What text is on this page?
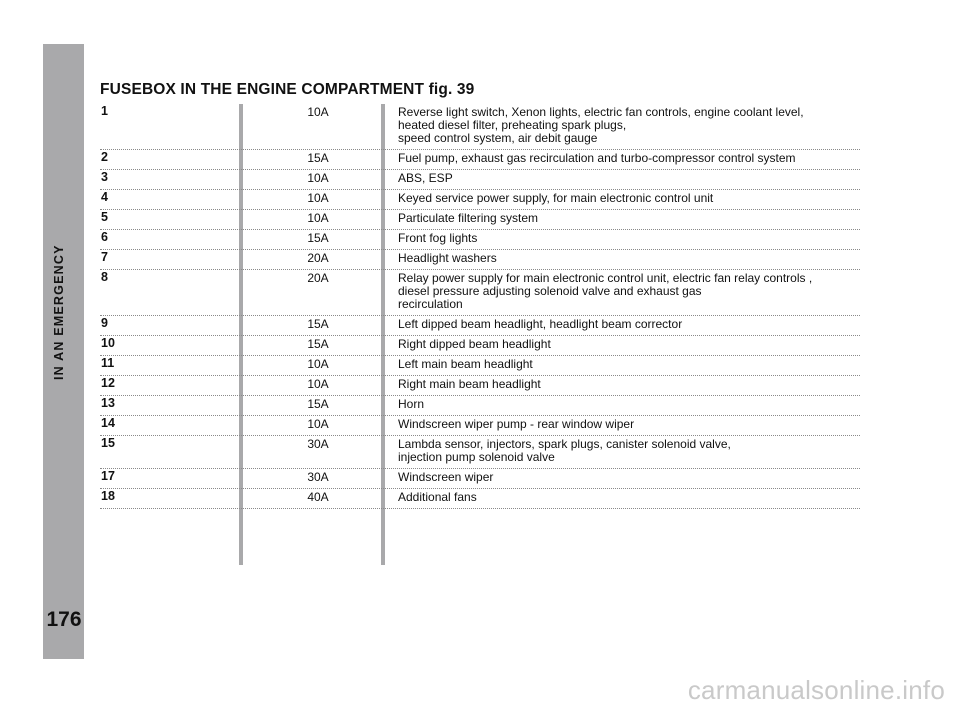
IN AN EMERGENCY
176
FUSEBOX IN THE ENGINE COMPARTMENT fig. 39
1	10A	Reverse light switch, Xenon lights, electric fan controls, engine coolant level,
heated diesel filter, preheating spark plugs,
speed control system, air debit gauge
2	15A	Fuel pump, exhaust gas recirculation and turbo-compressor control system
3	10A	ABS, ESP
4	10A	Keyed service power supply, for main electronic control unit
5	10A	Particulate filtering system
6	15A	Front fog lights
7	20A	Headlight washers
8	20A	Relay power supply for main electronic control unit, electric fan relay controls ,
diesel pressure adjusting solenoid valve and exhaust gas
recirculation
9	15A	Left dipped beam headlight, headlight beam corrector
10	15A	Right dipped beam headlight
11	10A	Left main beam headlight
12	10A	Right main beam headlight
13	15A	Horn
14	10A	Windscreen wiper pump - rear window wiper
15	30A	Lambda sensor, injectors, spark plugs, canister solenoid valve,
injection pump solenoid valve
17	30A	Windscreen wiper
18	40A	Additional fans
carmanualsonline.info
